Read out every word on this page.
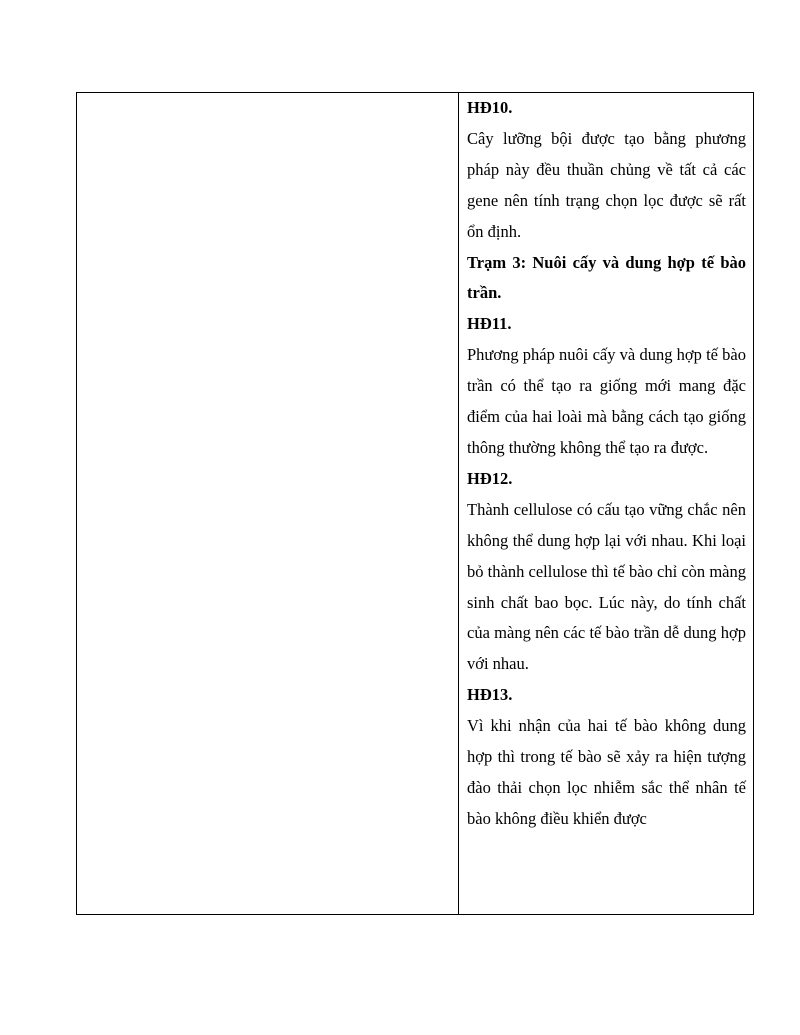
HĐ10.

Cây lưỡng bội được tạo bằng phương pháp này đều thuần chủng về tất cả các gene nên tính trạng chọn lọc được sẽ rất ổn định.

Trạm 3: Nuôi cấy và dung hợp tế bào trần.

HĐ11.

Phương pháp nuôi cấy và dung hợp tế bào trần có thể tạo ra giống mới mang đặc điểm của hai loài mà bằng cách tạo giống thông thường không thể tạo ra được.

HĐ12.

Thành cellulose có cấu tạo vững chắc nên không thể dung hợp lại với nhau. Khi loại bỏ thành cellulose thì tế bào chỉ còn màng sinh chất bao bọc. Lúc này, do tính chất của màng nên các tế bào trần dễ dung hợp với nhau.

HĐ13.

Vì khi nhận của hai tế bào không dung hợp thì trong tế bào sẽ xảy ra hiện tượng đào thải chọn lọc nhiễm sắc thể nhân tế bào không điều khiển được
